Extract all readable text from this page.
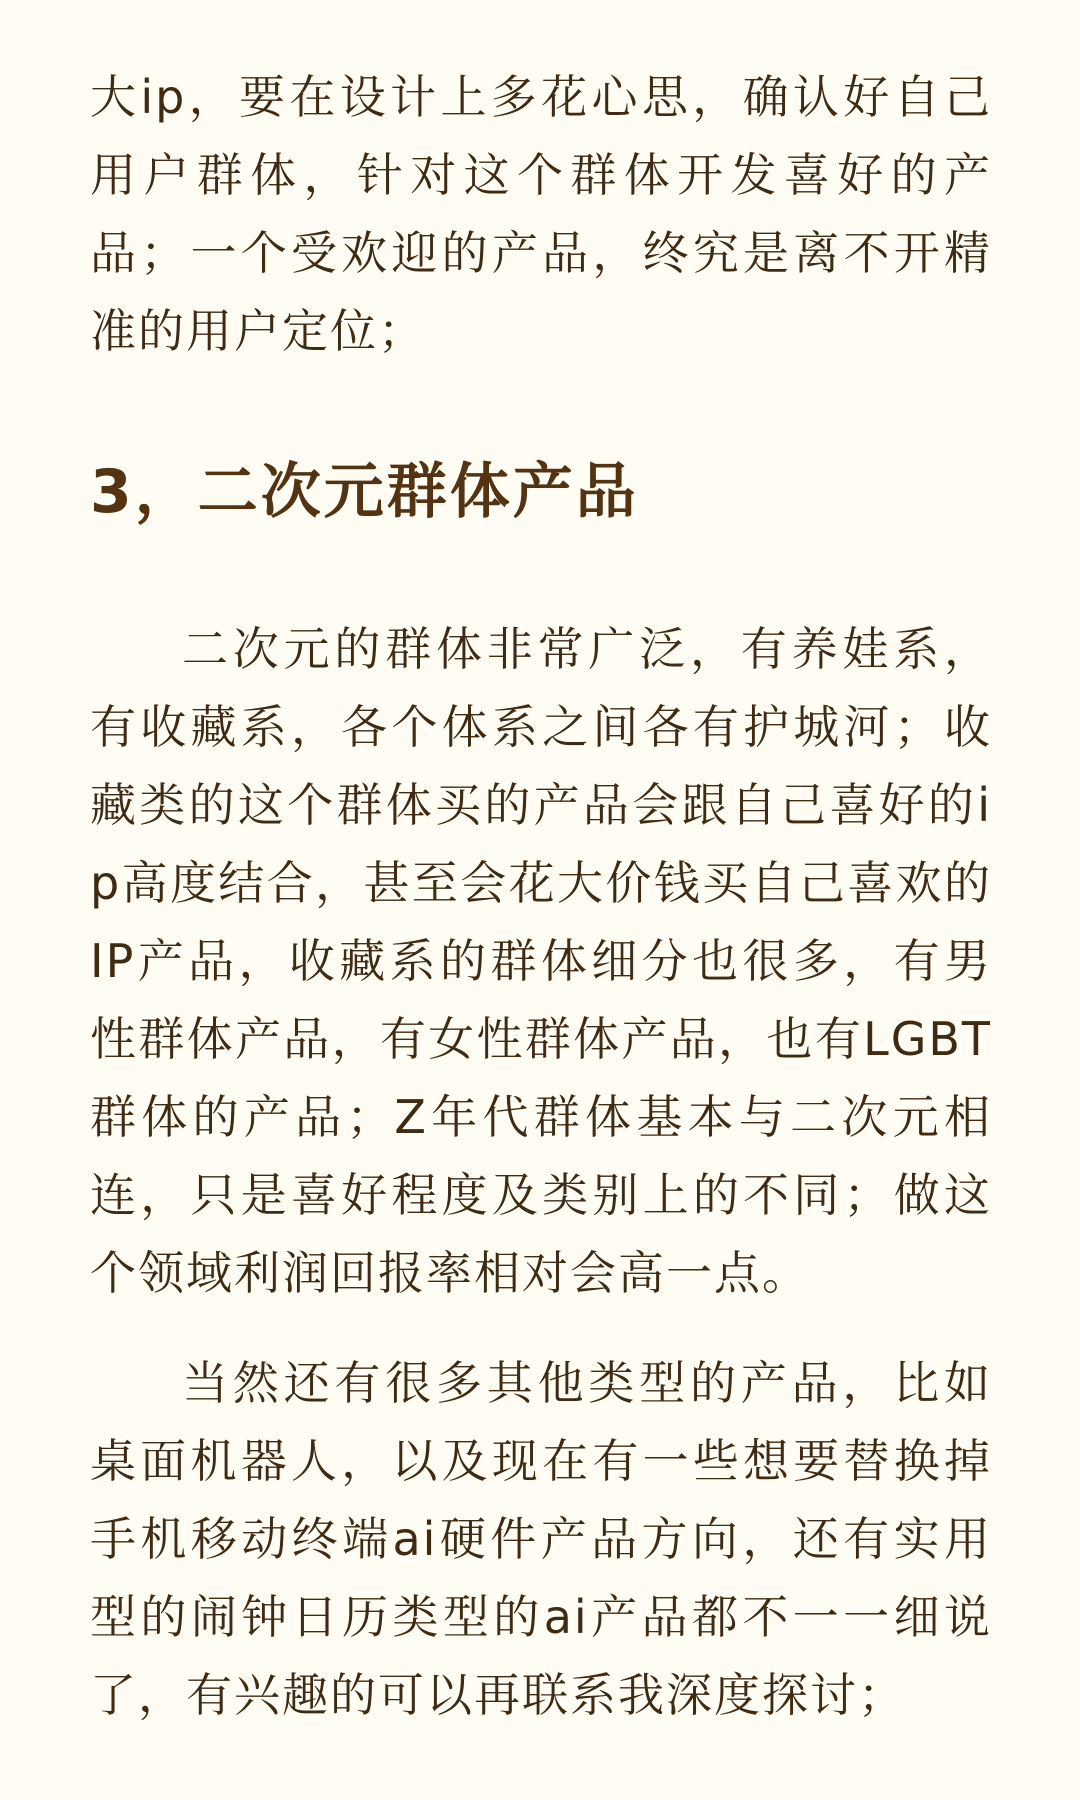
大ip，要在设计上多花心思，确认好自己用户群体，针对这个群体开发喜好的产品；一个受欢迎的产品，终究是离不开精准的用户定位；

3，二次元群体产品

二次元的群体非常广泛，有养娃系，有收藏系，各个体系之间各有护城河；收藏类的这个群体买的产品会跟自己喜好的ip高度结合，甚至会花大价钱买自己喜欢的IP产品，收藏系的群体细分也很多，有男性群体产品，有女性群体产品，也有LGBT群体的产品；Z年代群体基本与二次元相连，只是喜好程度及类别上的不同；做这个领域利润回报率相对会高一点。

当然还有很多其他类型的产品，比如桌面机器人，以及现在有一些想要替换掉手机移动终端ai硬件产品方向，还有实用型的闹钟日历类型的ai产品都不一一细说了，有兴趣的可以再联系我深度探讨；
